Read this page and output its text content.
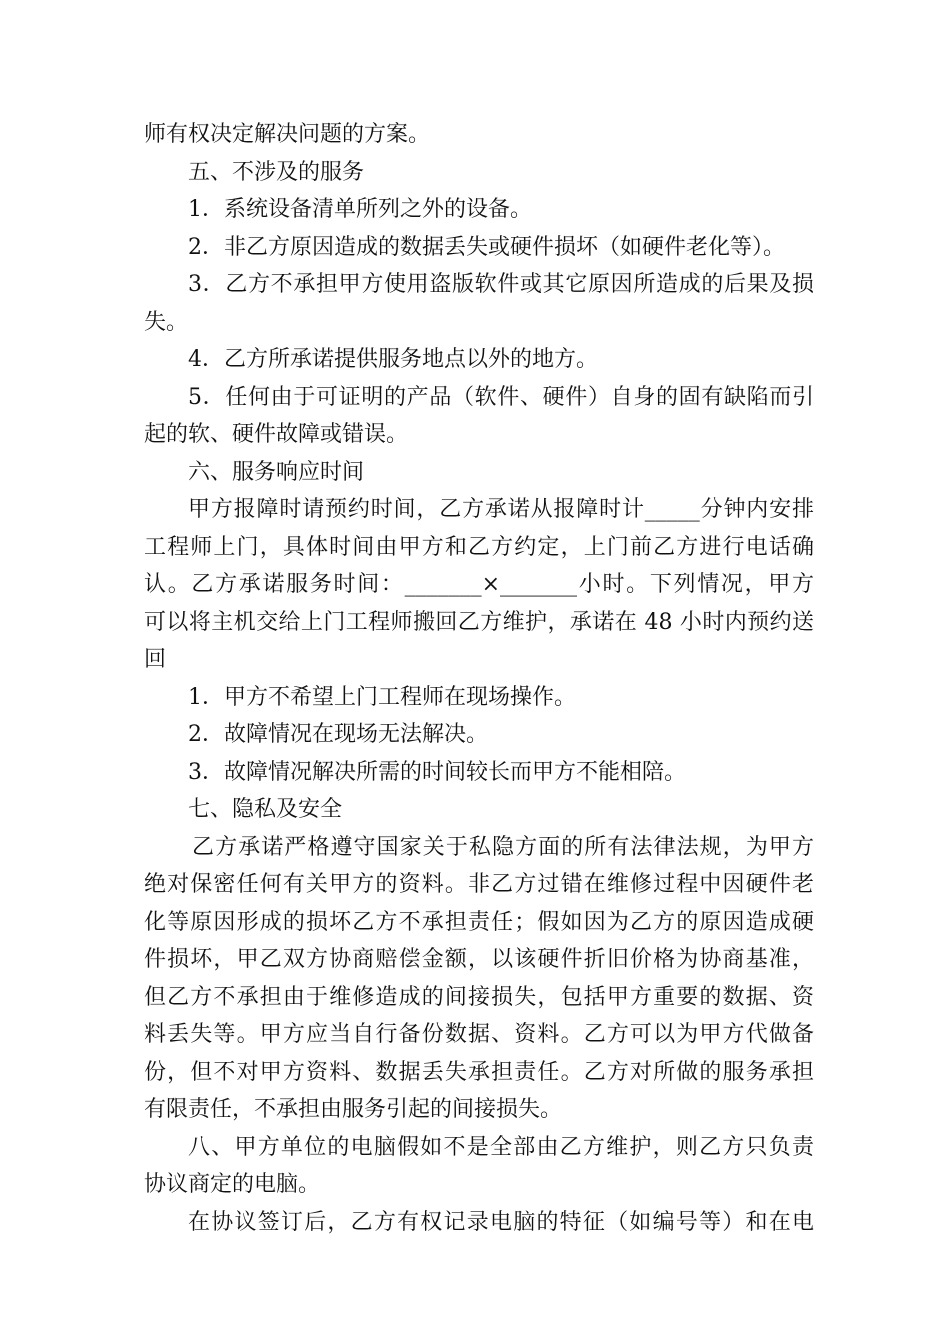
师有权决定解决问题的方案。
五、不涉及的服务
1．系统设备清单所列之外的设备。
2．非乙方原因造成的数据丢失或硬件损坏（如硬件老化等）。
3．乙方不承担甲方使用盗版软件或其它原因所造成的后果及损
失。
4．乙方所承诺提供服务地点以外的地方。
5．任何由于可证明的产品（软件、硬件）自身的固有缺陷而引
起的软、硬件故障或错误。
六、服务响应时间
甲方报障时请预约时间，乙方承诺从报障时计_____分钟内安排
工程师上门，具体时间由甲方和乙方约定，上门前乙方进行电话确
认。乙方承诺服务时间：_______×_______小时。下列情况，甲方
可以将主机交给上门工程师搬回乙方维护，承诺在 48 小时内预约送
回
1．甲方不希望上门工程师在现场操作。
2．故障情况在现场无法解决。
3．故障情况解决所需的时间较长而甲方不能相陪。
七、隐私及安全
乙方承诺严格遵守国家关于私隐方面的所有法律法规，为甲方
绝对保密任何有关甲方的资料。非乙方过错在维修过程中因硬件老
化等原因形成的损坏乙方不承担责任；假如因为乙方的原因造成硬
件损坏，甲乙双方协商赔偿金额，以该硬件折旧价格为协商基准，
但乙方不承担由于维修造成的间接损失，包括甲方重要的数据、资
料丢失等。甲方应当自行备份数据、资料。乙方可以为甲方代做备
份，但不对甲方资料、数据丢失承担责任。乙方对所做的服务承担
有限责任，不承担由服务引起的间接损失。
八、甲方单位的电脑假如不是全部由乙方维护，则乙方只负责
协议商定的电脑。
在协议签订后，乙方有权记录电脑的特征（如编号等）和在电
